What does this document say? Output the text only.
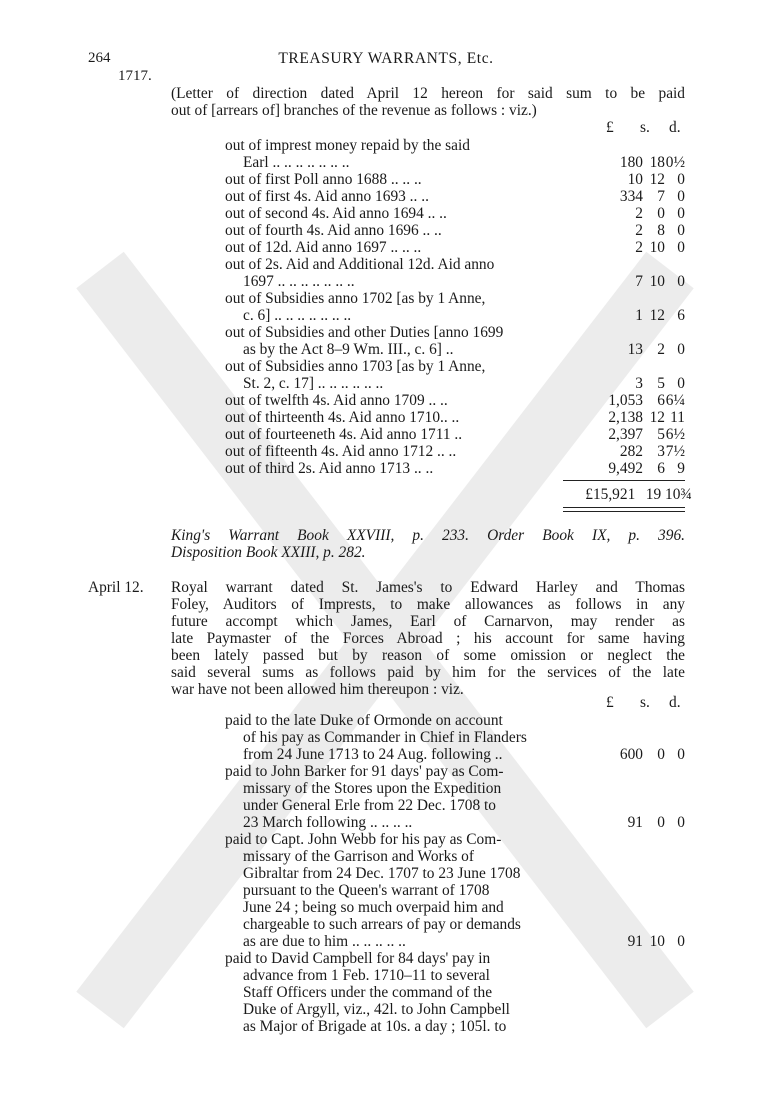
264	TREASURY WARRANTS, Etc.
1717.
(Letter of direction dated April 12 hereon for said sum to be paid
out of [arrears of] branches of the revenue as follows : viz.)
£ s. d.
out of imprest money repaid by the said
Earl .. .. .. .. .. .. ..	180 180½
out of first Poll anno 1688 .. .. ..	10 12 0
out of first 4s. Aid anno 1693 .. ..	334 7 0
out of second 4s. Aid anno 1694 .. ..	2 0 0
out of fourth 4s. Aid anno 1696 .. ..	2 8 0
out of 12d. Aid anno 1697 .. .. ..	2 10 0
out of 2s. Aid and Additional 12d. Aid anno
1697 .. .. .. .. .. .. ..	7 10 0
out of Subsidies anno 1702 [as by 1 Anne,
c. 6] .. .. .. .. .. .. ..	1 12 6
out of Subsidies and other Duties [anno 1699
as by the Act 8–9 Wm. III., c. 6] ..	13 2 0
out of Subsidies anno 1703 [as by 1 Anne,
St. 2, c. 17] .. .. .. .. .. ..	3 5 0
out of twelfth 4s. Aid anno 1709 .. ..	1,053 66¼
out of thirteenth 4s. Aid anno 1710.. ..	2,138 12 11
out of fourteeneth 4s. Aid anno 1711 ..	2,397 56½
out of fifteenth 4s. Aid anno 1712 .. ..	282 37½
out of third 2s. Aid anno 1713 .. ..	9,492 6 9
£15,921 19 10¾
King's Warrant Book XXVIII, p. 233. Order Book IX, p. 396.
Disposition Book XXIII, p. 282.
April 12. Royal warrant dated St. James's to Edward Harley and Thomas
Foley, Auditors of Imprests, to make allowances as follows in any
future accompt which James, Earl of Carnarvon, may render as
late Paymaster of the Forces Abroad ; his account for same having
been lately passed but by reason of some omission or neglect the
said several sums as follows paid by him for the services of the late
war have not been allowed him thereupon : viz.
£ s. d.
paid to the late Duke of Ormonde on account
of his pay as Commander in Chief in Flanders
from 24 June 1713 to 24 Aug. following ..	600 0 0
paid to John Barker for 91 days' pay as Com-
missary of the Stores upon the Expedition
under General Erle from 22 Dec. 1708 to
23 March following .. .. .. ..	91 0 0
paid to Capt. John Webb for his pay as Com-
missary of the Garrison and Works of
Gibraltar from 24 Dec. 1707 to 23 June 1708
pursuant to the Queen's warrant of 1708
June 24 ; being so much overpaid him and
chargeable to such arrears of pay or demands
as are due to him .. .. .. .. ..	91 10 0
paid to David Campbell for 84 days' pay in
advance from 1 Feb. 1710–11 to several
Staff Officers under the command of the
Duke of Argyll, viz., 42l. to John Campbell
as Major of Brigade at 10s. a day ; 105l. to
